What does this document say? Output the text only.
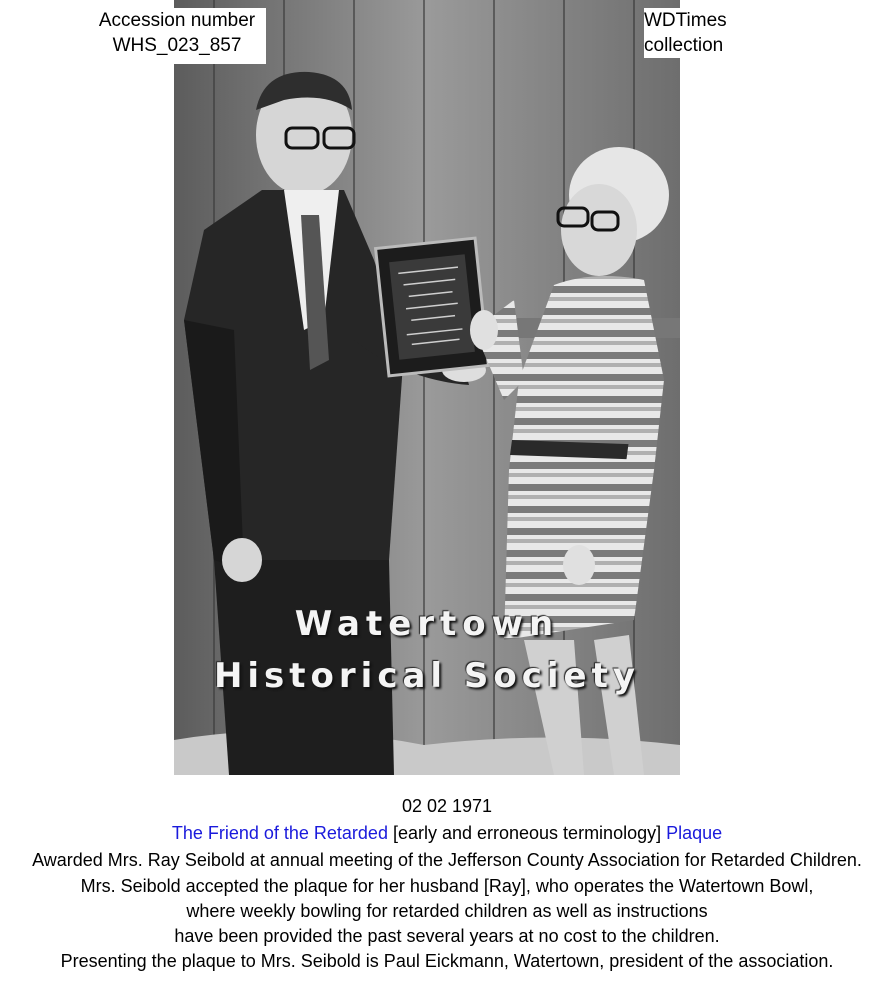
Watertown
Historical Society
Accession number
WHS_023_857
WDTimes
collection
02 02 1971
The Friend of the Retarded [early and erroneous terminology] Plaque
Awarded Mrs. Ray Seibold at annual meeting of the Jefferson County Association for Retarded Children.
Mrs. Seibold accepted the plaque for her husband [Ray], who operates the Watertown Bowl,
where weekly bowling for retarded children as well as instructions
have been provided the past several years at no cost to the children.
Presenting the plaque to Mrs. Seibold is Paul Eickmann, Watertown, president of the association.
